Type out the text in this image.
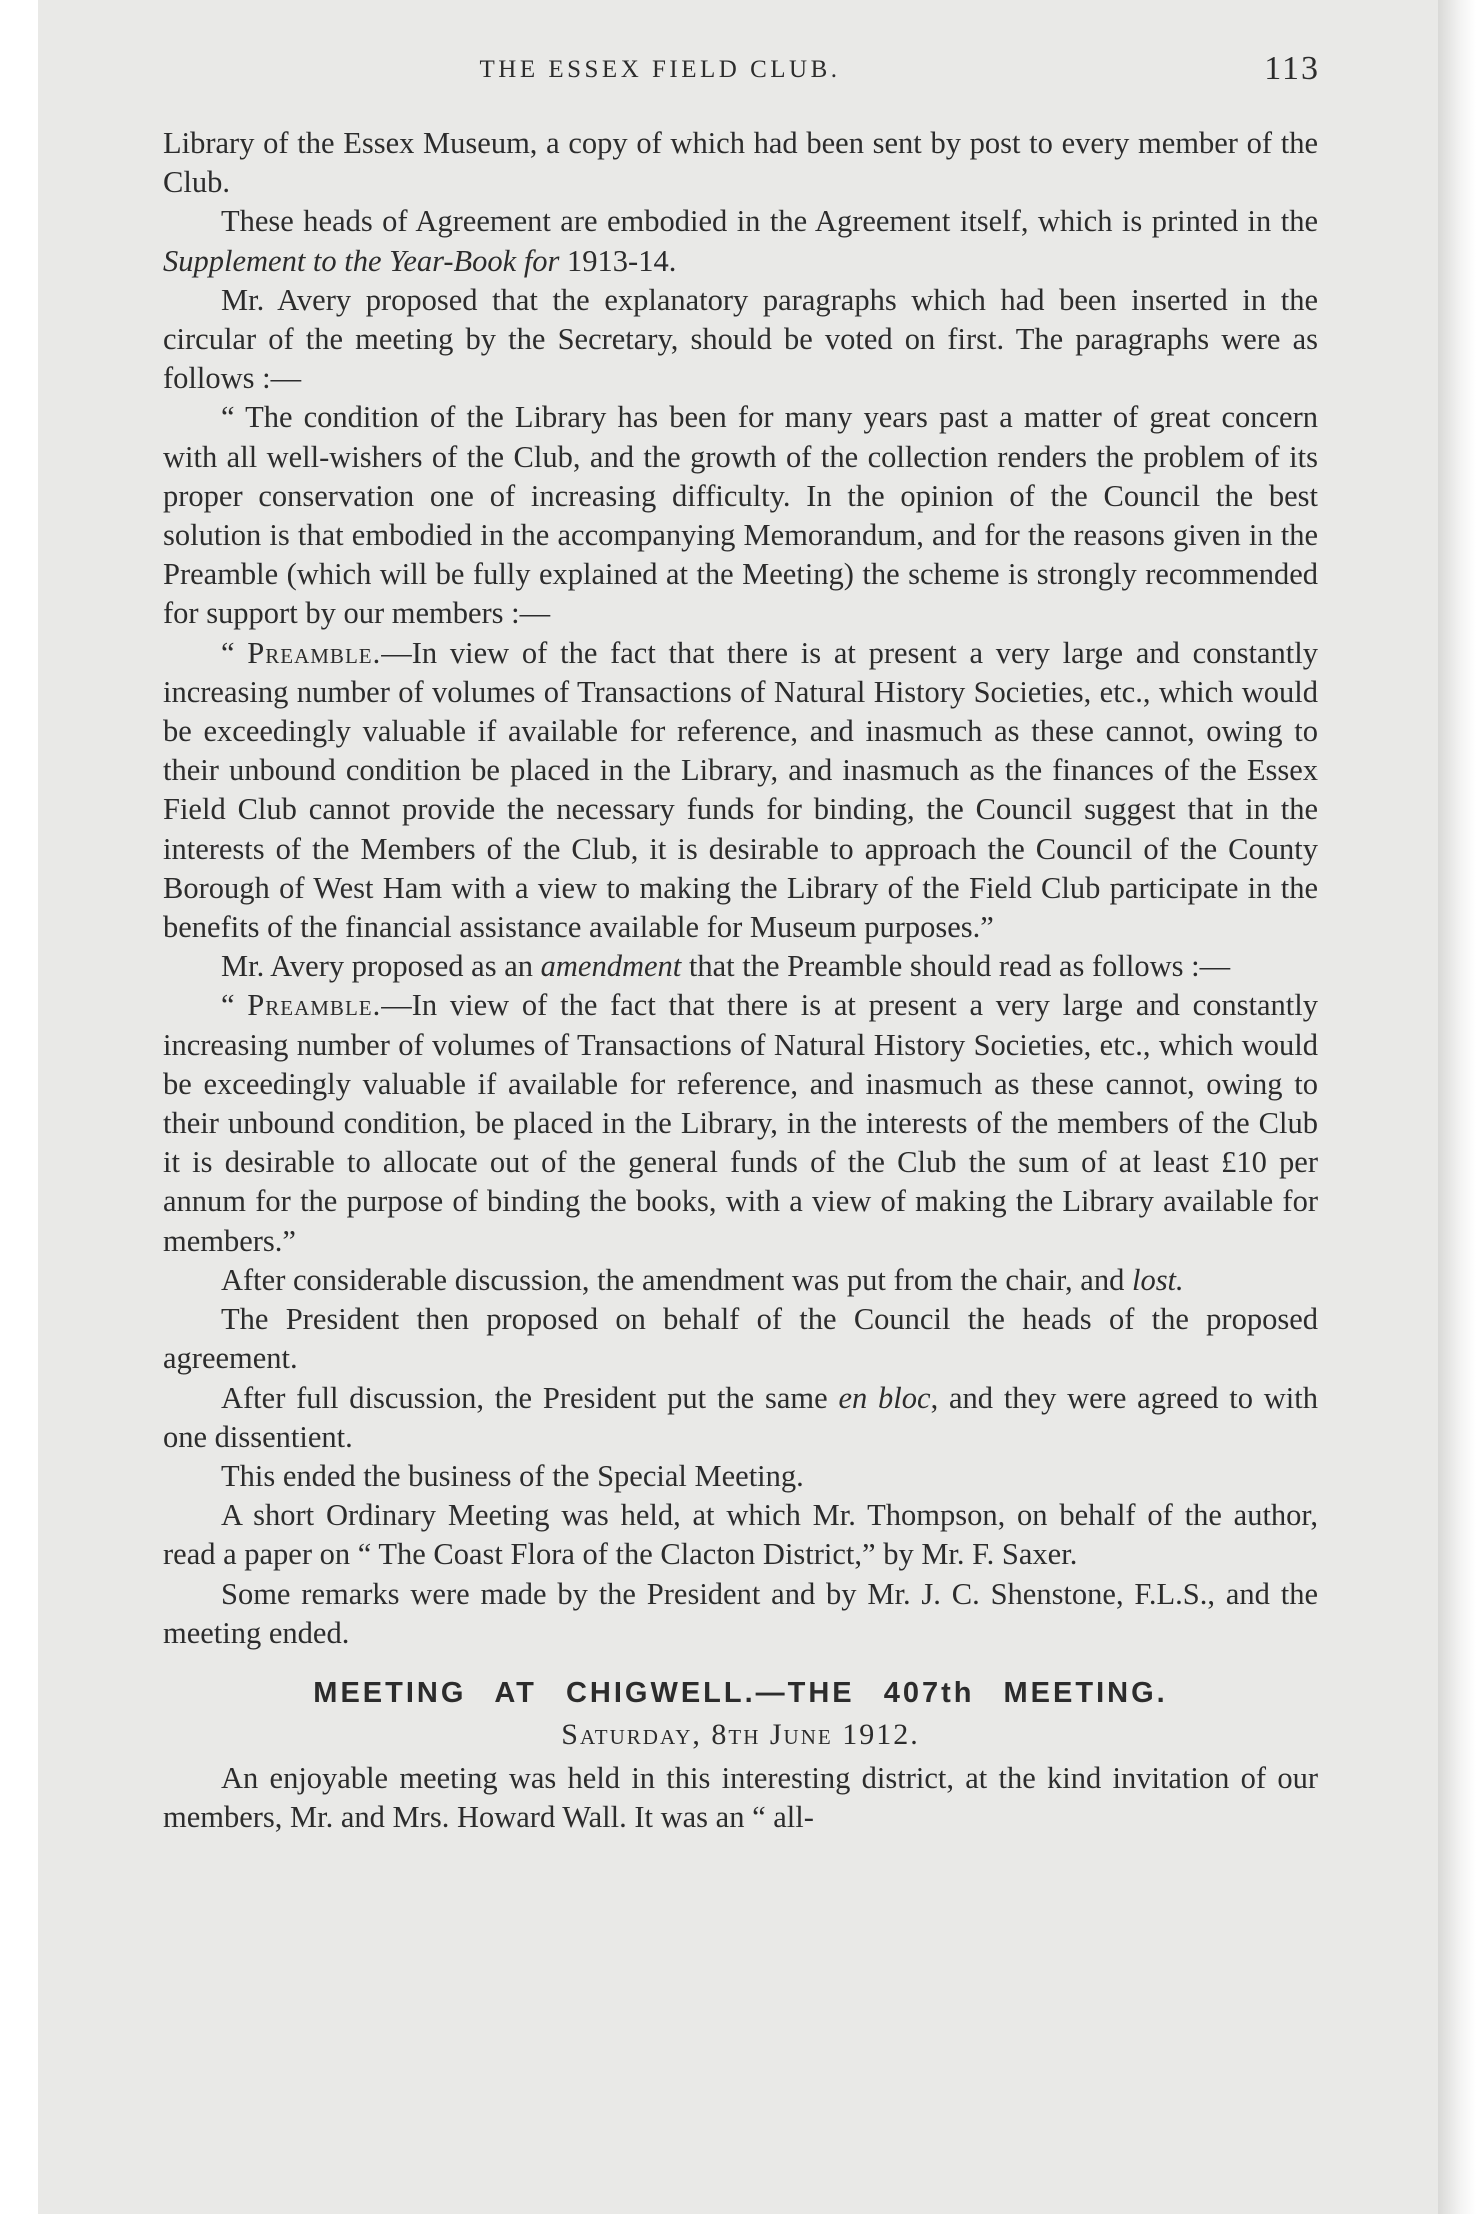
THE ESSEX FIELD CLUB.	113

Library of the Essex Museum, a copy of which had been sent by post to every member of the Club.

These heads of Agreement are embodied in the Agreement itself, which is printed in the Supplement to the Year-Book for 1913-14.

Mr. Avery proposed that the explanatory paragraphs which had been inserted in the circular of the meeting by the Secretary, should be voted on first. The paragraphs were as follows :—

“ The condition of the Library has been for many years past a matter of great concern with all well-wishers of the Club, and the growth of the collection renders the problem of its proper conservation one of increasing difficulty. In the opinion of the Council the best solution is that embodied in the accompanying Memorandum, and for the reasons given in the Preamble (which will be fully explained at the Meeting) the scheme is strongly recommended for support by our members :—

“ Preamble.—In view of the fact that there is at present a very large and constantly increasing number of volumes of Transactions of Natural History Societies, etc., which would be exceedingly valuable if available for reference, and inasmuch as these cannot, owing to their unbound condition be placed in the Library, and inasmuch as the finances of the Essex Field Club cannot provide the necessary funds for binding, the Council suggest that in the interests of the Members of the Club, it is desirable to approach the Council of the County Borough of West Ham with a view to making the Library of the Field Club participate in the benefits of the financial assistance available for Museum purposes.”

Mr. Avery proposed as an amendment that the Preamble should read as follows :—

“ Preamble.—In view of the fact that there is at present a very large and constantly increasing number of volumes of Transactions of Natural History Societies, etc., which would be exceedingly valuable if available for reference, and inasmuch as these cannot, owing to their unbound condition, be placed in the Library, in the interests of the members of the Club it is desirable to allocate out of the general funds of the Club the sum of at least £10 per annum for the purpose of binding the books, with a view of making the Library available for members.”

After considerable discussion, the amendment was put from the chair, and lost.

The President then proposed on behalf of the Council the heads of the proposed agreement.

After full discussion, the President put the same en bloc, and they were agreed to with one dissentient.

This ended the business of the Special Meeting.

A short Ordinary Meeting was held, at which Mr. Thompson, on behalf of the author, read a paper on “ The Coast Flora of the Clacton District,” by Mr. F. Saxer.

Some remarks were made by the President and by Mr. J. C. Shenstone, F.L.S., and the meeting ended.

MEETING AT CHIGWELL.—THE 407th MEETING.

Saturday, 8th June 1912.

An enjoyable meeting was held in this interesting district, at the kind invitation of our members, Mr. and Mrs. Howard Wall. It was an “ all-
